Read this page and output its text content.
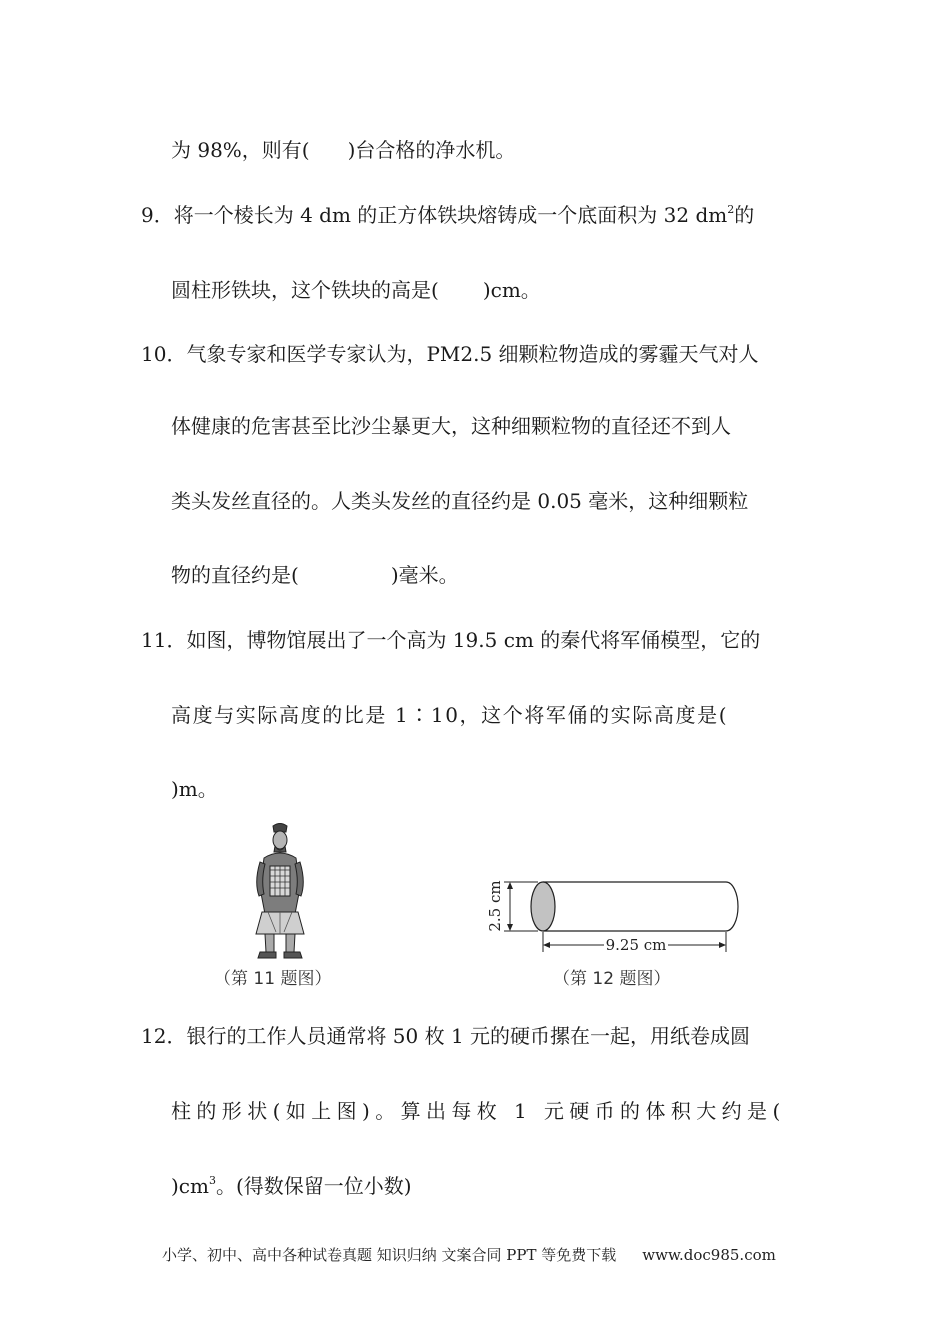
为 98%，则有( )台合格的净水机。
9．将一个棱长为 4 dm 的正方体铁块熔铸成一个底面积为 32 $dm^2$的
圆柱形铁块，这个铁块的高是( )cm。
10．气象专家和医学专家认为，PM2.5 细颗粒物造成的雾霾天气对人
体健康的危害甚至比沙尘暴更大，这种细颗粒物的直径还不到人
类头发丝直径的。人类头发丝的直径约是 0.05 毫米，这种细颗粒
物的直径约是(	)毫米。
11．如图，博物馆展出了一个高为 19.5 cm 的秦代将军俑模型，它的
高度与实际高度的比是 1∶10，这个将军俑的实际高度是(
)m。
（第 11 题图）
2.5 cm
9.25 cm
（第 12 题图）
12．银行的工作人员通常将 50 枚 1 元的硬币摞在一起，用纸卷成圆
柱的形状(如上图)。算出每枚 1 元硬币的体积大约是(
)$cm^3$。(得数保留一位小数)
小学、初中、高中各种试卷真题 知识归纳 文案合同 PPT 等免费下载 www.doc985.com
